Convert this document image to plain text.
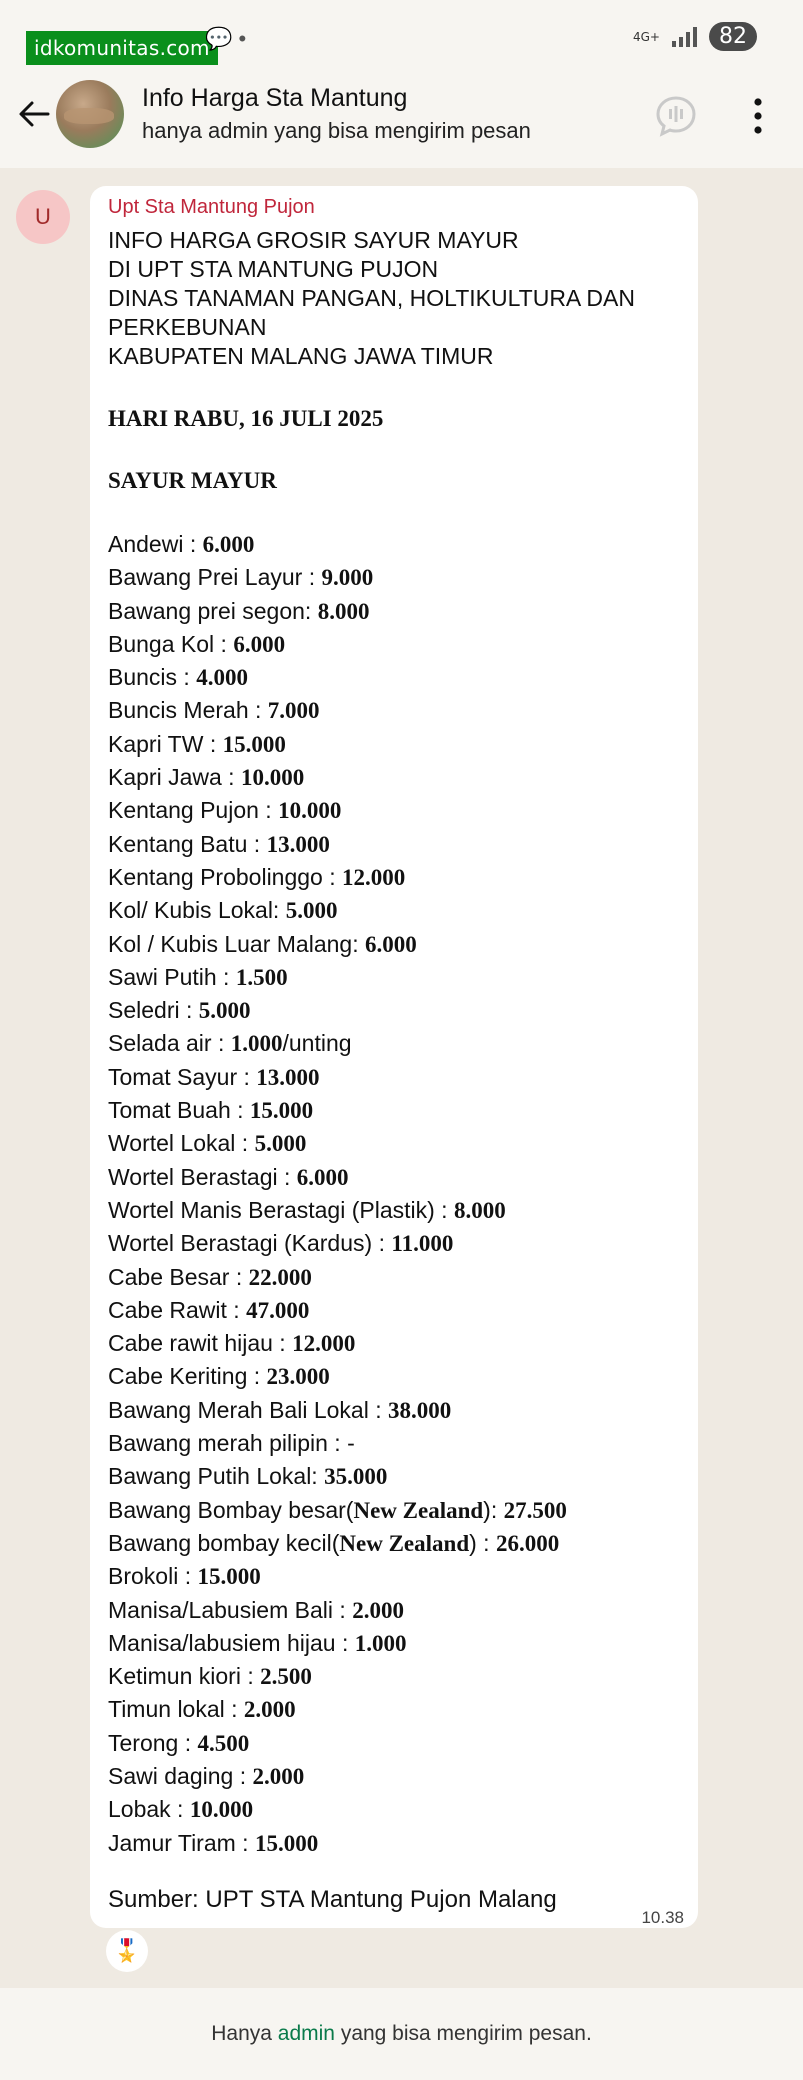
idkomunitas.com
💬 •	4G+	82
Info Harga Sta Mantung
hanya admin yang bisa mengirim pesan
U	Upt Sta Mantung Pujon
INFO HARGA GROSIR SAYUR MAYUR
DI UPT STA MANTUNG PUJON
DINAS TANAMAN PANGAN, HOLTIKULTURA DAN
PERKEBUNAN
KABUPATEN MALANG JAWA TIMUR
HARI RABU, 16 JULI 2025
SAYUR MAYUR
Andewi : 6.000
Bawang Prei Layur : 9.000
Bawang prei segon: 8.000
Bunga Kol : 6.000
Buncis : 4.000
Buncis Merah : 7.000
Kapri TW : 15.000
Kapri Jawa : 10.000
Kentang Pujon : 10.000
Kentang Batu : 13.000
Kentang Probolinggo : 12.000
Kol/ Kubis Lokal: 5.000
Kol / Kubis Luar Malang: 6.000
Sawi Putih : 1.500
Seledri : 5.000
Selada air : 1.000/unting
Tomat Sayur : 13.000
Tomat Buah : 15.000
Wortel Lokal : 5.000
Wortel Berastagi : 6.000
Wortel Manis Berastagi (Plastik) : 8.000
Wortel Berastagi (Kardus) : 11.000
Cabe Besar : 22.000
Cabe Rawit : 47.000
Cabe rawit hijau : 12.000
Cabe Keriting : 23.000
Bawang Merah Bali Lokal : 38.000
Bawang merah pilipin : -
Bawang Putih Lokal: 35.000
Bawang Bombay besar(New Zealand): 27.500
Bawang bombay kecil(New Zealand) : 26.000
Brokoli : 15.000
Manisa/Labusiem Bali : 2.000
Manisa/labusiem hijau : 1.000
Ketimun kiori : 2.500
Timun lokal : 2.000
Terong : 4.500
Sawi daging : 2.000
Lobak : 10.000
Jamur Tiram : 15.000
Sumber: UPT STA Mantung Pujon Malang
10.38
🎖️
Hanya
admin
yang bisa mengirim pesan.
